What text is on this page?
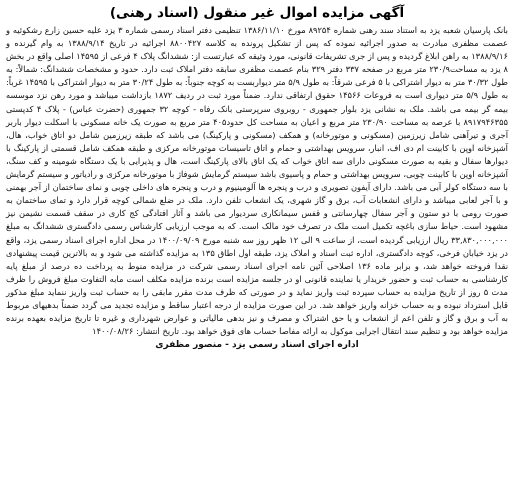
آگهی مزایده اموال غیر منقول (اسناد رهنی)

بانک پارسیان شعبه یزد به استناد سند رهنی شماره ۸۹۲۵۴ مورخ ۱۳۸۶/۱۱/۱۰ تنظیمی دفتر اسناد رسمی شماره ۳ یزد علیه حسین زارع رشکوئیه و عصمت مظفری مبادرت به صدور اجرائیه نموده که پس از تشکیل پرونده به کلاسه ۸۸۰۰۴۲۷ اجرائیه در تاریخ ۱۳۸۸/۹/۱۴ به وام گیرنده و ۱۳۸۸/۹/۱۶ به راهن ابلاغ گردیده و پس از جری تشریفات قانونی، مورد وثیقه که عبارتست از: ششدانگ پلاک ۴ فرعی از ۱۴۵۹۵ اصلی واقع در بخش ۸ یزد به مساحت۲۳۰/۹ متر مربع در صفحه ۳۳۷ دفتر ۳۲۹ بنام عصمت مظفری سابقه دفتر املاک ثبت دارد. حدود و مشخصات ششدانگ: شمالاً: به طول ۳۰/۳۲ متر به دیوار اشتراکی با ۵ فرعی شرقاً: به طول ۵/۹ متر دیواربست به کوچه جنوباً: به طول ۳۰/۲۴ متر به دیوار اشتراکی با ۱۴۵۹۵ غرباً: به طول ۵/۹ متر دیواری است به فروعات ۱۴۵۶۶ حقوق ارتفاقی ندارد. ضمناً مورد ثبت در ردیف ۱۸۷۲ بازداشت میباشد و مورد رهن نزد موسسه بیمه گر بیمه می باشد. ملک به نشانی یزد بلوار جمهوری - روبروی سرپرستی بانک رفاه - کوچه ۳۲ جمهوری (حضرت عباس) - پلاک ۴ کدپستی ۸۹۱۷۹۴۶۳۵۵ با عرصه به مساحت ۲۳۰/۹۰ متر مربع و اعیان به مساحت کل حدود۴۰۵ متر مربع به صورت یک خانه مسکونی با اسکلت دیوار باربر آجری و تیرآهنی شامل زیرزمین (مسکونی و موتورخانه) و همکف (مسکونی و پارکینگ) می باشد که طبقه زیرزمین شامل دو اتاق خواب، هال، آشپزخانه اوپن با کابینت ام دی اف، انبار، سرویس بهداشتی و حمام و اتاق تاسیسات موتورخانه مرکزی و طبقه همکف شامل قسمتی از پارکینگ با دیوارها سفال و بقیه به صورت مسکونی دارای سه اتاق خواب که یک اتاق بالای پارکینگ است، هال و پذیرایی با یک دستگاه شومینه و کف سنگ، آشپزخانه اوپن با کابینت چوبی، سرویس بهداشتی و حمام و پاسیوی باشد سیستم گرمایش شوفاژ با موتورخانه مرکزی و رادیاتور و سیستم گرمایش با سه دستگاه کولر آبی می باشد. دارای آیفون تصویری و درب و پنجره ها آلومینیوم و درب و پنجره های داخلی چوبی و نمای ساختمان از آجر بهمنی و با آجر لعابی میباشد و دارای انشعابات آب، برق و گاز شهری، یک انشعاب تلفن دارد. ملک در ضلع شمالی کوچه قرار دارد و تمای ساختمان به صورت رومی با دو ستون و آجر سفال چهارسانتی و قفس سیمانکاری سردیوار می باشد و آثار افتادگی کج کاری در سقف قسمت نشیمن نیز مشهود است. حیاط سازی باغچه تکمیل است ملک در تصرف خود مالک است. که به موجب ارزیابی کارشناس رسمی دادگستری ششدانگ به مبلغ ۳۳,۸۳۰,۰۰۰,۰۰۰ ریال ارزیابی گردیده است، از ساعت ۹ الی ۱۲ ظهر روز سه شنبه مورخ ۱۴۰۰/۰۹/۰۹ در محل اداره اجرای اسناد رسمی یزد، واقع در یزد خیابان فرخی، کوچه دادگستری، اداره ثبت اسناد و املاک یزد، طبقه اول اطاق ۱۳۵ به مزایده گذاشته می شود و به بالاترین قیمت پیشنهادی نقدا فروخته خواهد شد، و برابر ماده ۱۳۶ اصلاحی آئین نامه اجرای اسناد رسمی شرکت در مزایده منوط به پرداخت ده درصد از مبلغ پایه کارشناسی به حساب ثبت و حضور خریدار یا نماینده قانونی او در جلسه مزایده است برنده مزایده مکلف است مابه التفاوت مبلغ فروش را ظرف مدت ۵ روز از تاریخ مزایده به حساب سپرده ثبت واریز نماید و در صورتی که ظرف مدت مقرر مابقی را به حساب ثبت واریز ننماید مبلغ مذکور قابل استرداد نبوده و به حساب خزانه واریز خواهد شد. در این صورت مزایده از درجه اعتبار ساقط و مزایده تجدید می گردد ضمناً بدهیهای مربوط به آب و برق و گاز و تلفن اعم از انشعاب و یا حق اشتراک و مصرف و نیز بدهی مالیاتی و عوارض شهرداری و غیره تا تاریخ مزایده بعهده برنده مزایده خواهد بود و تنظیم سند انتقال اجرایی موکول به ارائه مفاصا حساب های فوق خواهد بود. تاریخ انتشار: ۱۴۰۰/۰۸/۲۶

اداره اجرای اسناد رسمی یزد - منصور مظفری
